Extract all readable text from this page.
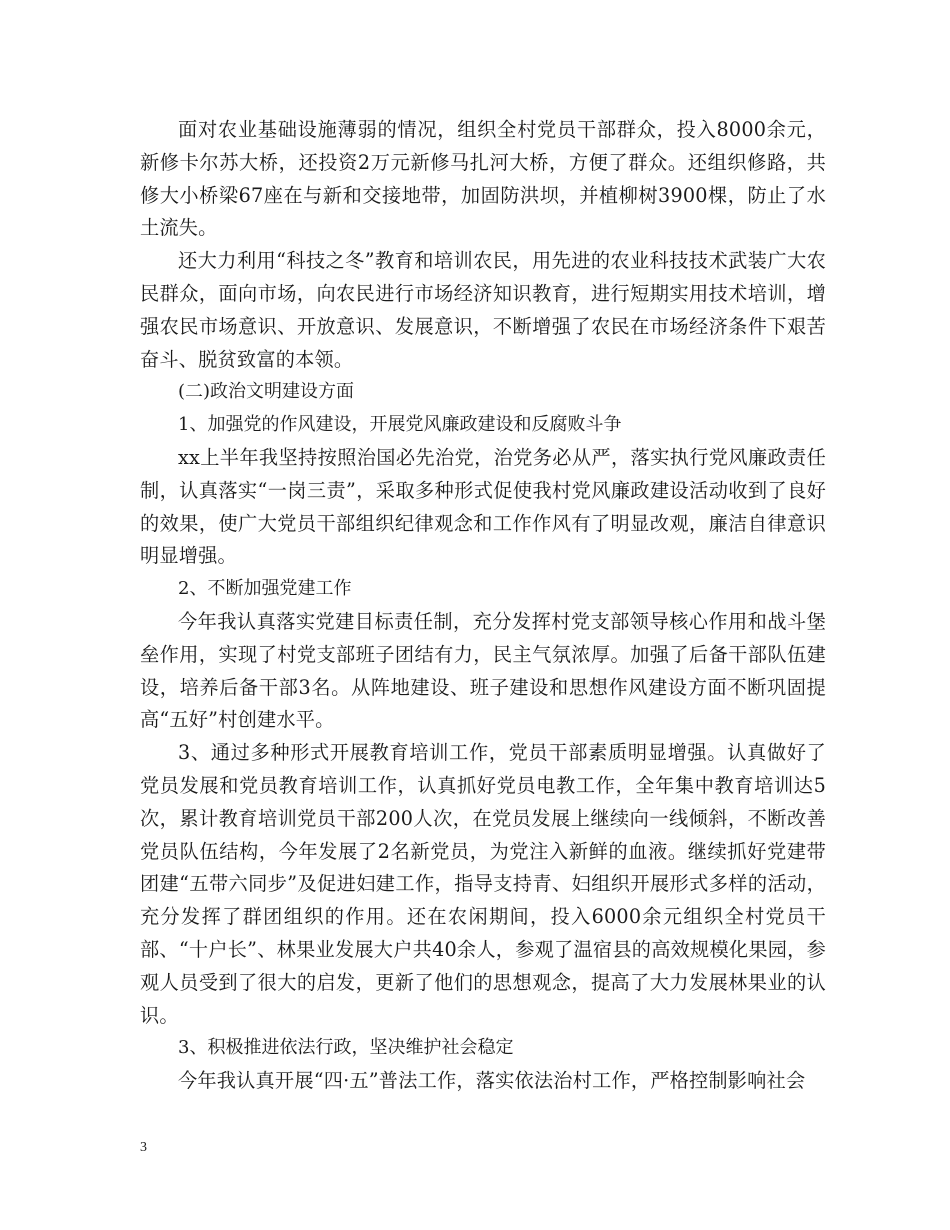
面对农业基础设施薄弱的情况，组织全村党员干部群众，投入8000余元，新修卡尔苏大桥，还投资2万元新修马扎河大桥，方便了群众。还组织修路，共修大小桥梁67座在与新和交接地带，加固防洪坝，并植柳树3900棵，防止了水土流失。

还大力利用“科技之冬”教育和培训农民，用先进的农业科技技术武装广大农民群众，面向市场，向农民进行市场经济知识教育，进行短期实用技术培训，增强农民市场意识、开放意识、发展意识，不断增强了农民在市场经济条件下艰苦奋斗、脱贫致富的本领。

(二)政治文明建设方面

1、加强党的作风建设，开展党风廉政建设和反腐败斗争

xx上半年我坚持按照治国必先治党，治党务必从严，落实执行党风廉政责任制，认真落实“一岗三责”，采取多种形式促使我村党风廉政建设活动收到了良好的效果，使广大党员干部组织纪律观念和工作作风有了明显改观，廉洁自律意识明显增强。

2、不断加强党建工作

今年我认真落实党建目标责任制，充分发挥村党支部领导核心作用和战斗堡垒作用，实现了村党支部班子团结有力，民主气氛浓厚。加强了后备干部队伍建设，培养后备干部3名。从阵地建设、班子建设和思想作风建设方面不断巩固提高“五好”村创建水平。

3、通过多种形式开展教育培训工作，党员干部素质明显增强。认真做好了党员发展和党员教育培训工作，认真抓好党员电教工作，全年集中教育培训达5次，累计教育培训党员干部200人次，在党员发展上继续向一线倾斜，不断改善党员队伍结构，今年发展了2名新党员，为党注入新鲜的血液。继续抓好党建带团建“五带六同步”及促进妇建工作，指导支持青、妇组织开展形式多样的活动，充分发挥了群团组织的作用。还在农闲期间，投入6000余元组织全村党员干部、“十户长”、林果业发展大户共40余人，参观了温宿县的高效规模化果园，参观人员受到了很大的启发，更新了他们的思想观念，提高了大力发展林果业的认识。

3、积极推进依法行政，坚决维护社会稳定

今年我认真开展“四·五”普法工作，落实依法治村工作，严格控制影响社会

3
